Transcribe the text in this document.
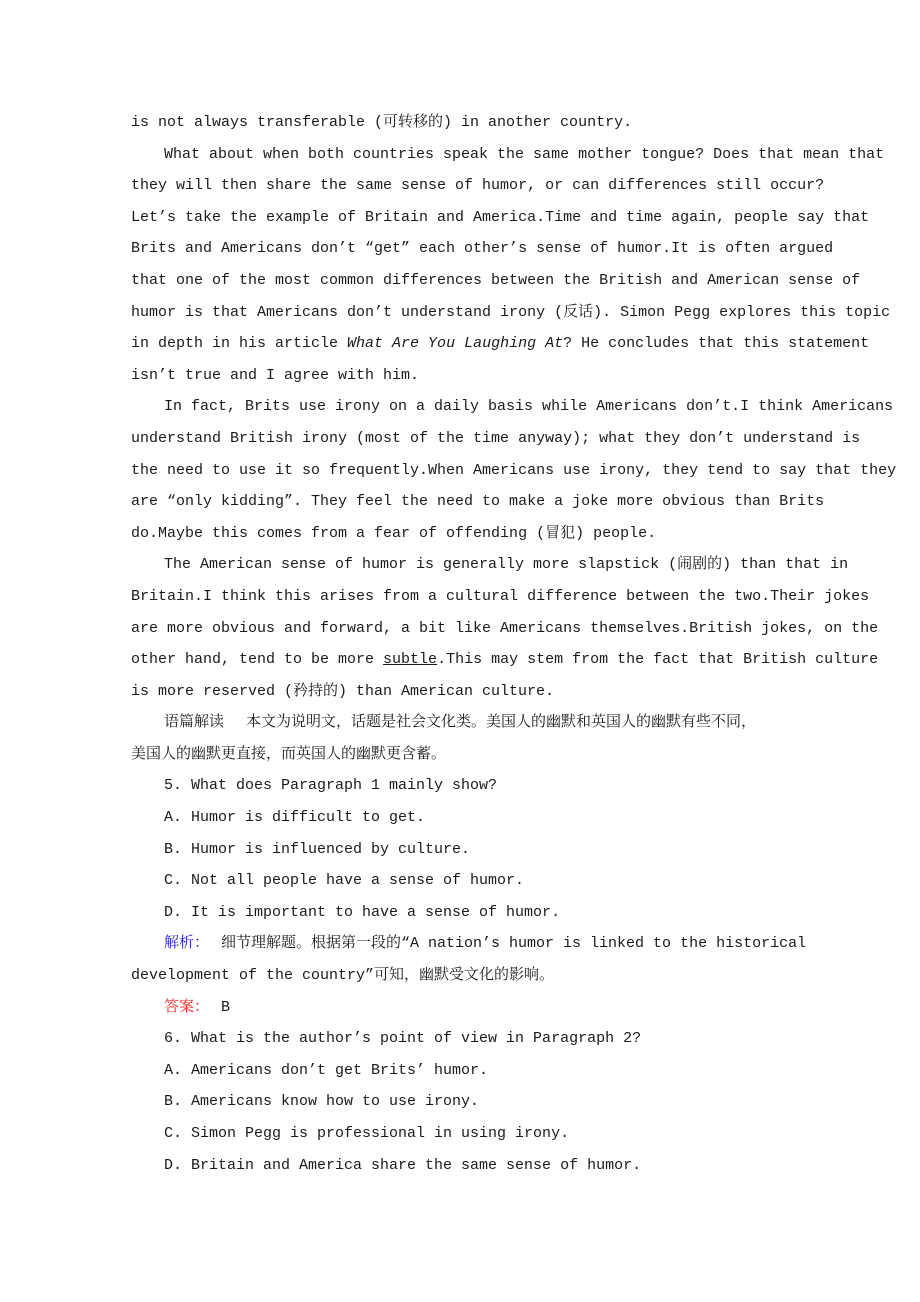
is not always transferable (可转移的) in another country.
What about when both countries speak the same mother tongue? Does that mean that
they will then share the same sense of humor, or can differences still occur?
Let’s take the example of Britain and America.Time and time again, people say that
Brits and Americans don’t “get” each other’s sense of humor.It is often argued
that one of the most common differences between the British and American sense of
humor is that Americans don’t understand irony (反话). Simon Pegg explores this topic
in depth in his article What Are You Laughing At? He concludes that this statement
isn’t true and I agree with him.
In fact, Brits use irony on a daily basis while Americans don’t.I think Americans
understand British irony (most of the time anyway); what they don’t understand is
the need to use it so frequently.When Americans use irony, they tend to say that they
are “only kidding”. They feel the need to make a joke more obvious than Brits
do.Maybe this comes from a fear of offending (冒犯) people.
The American sense of humor is generally more slapstick (闹剧的) than that in
Britain.I think this arises from a cultural difference between the two.Their jokes
are more obvious and forward, a bit like Americans themselves.British jokes, on the
other hand, tend to be more subtle.This may stem from the fact that British culture
is more reserved (矜持的) than American culture.
语篇解读 本文为说明文，话题是社会文化类。美国人的幽默和英国人的幽默有些不同，
美国人的幽默更直接，而英国人的幽默更含蓄。
5. What does Paragraph 1 mainly show?
A. Humor is difficult to get.
B. Humor is influenced by culture.
C. Not all people have a sense of humor.
D. It is important to have a sense of humor.
解析： 细节理解题。根据第一段的“A nation’s humor is linked to the historical
development of the country”可知，幽默受文化的影响。
答案： B
6. What is the author’s point of view in Paragraph 2?
A. Americans don’t get Brits’ humor.
B. Americans know how to use irony.
C. Simon Pegg is professional in using irony.
D. Britain and America share the same sense of humor.
